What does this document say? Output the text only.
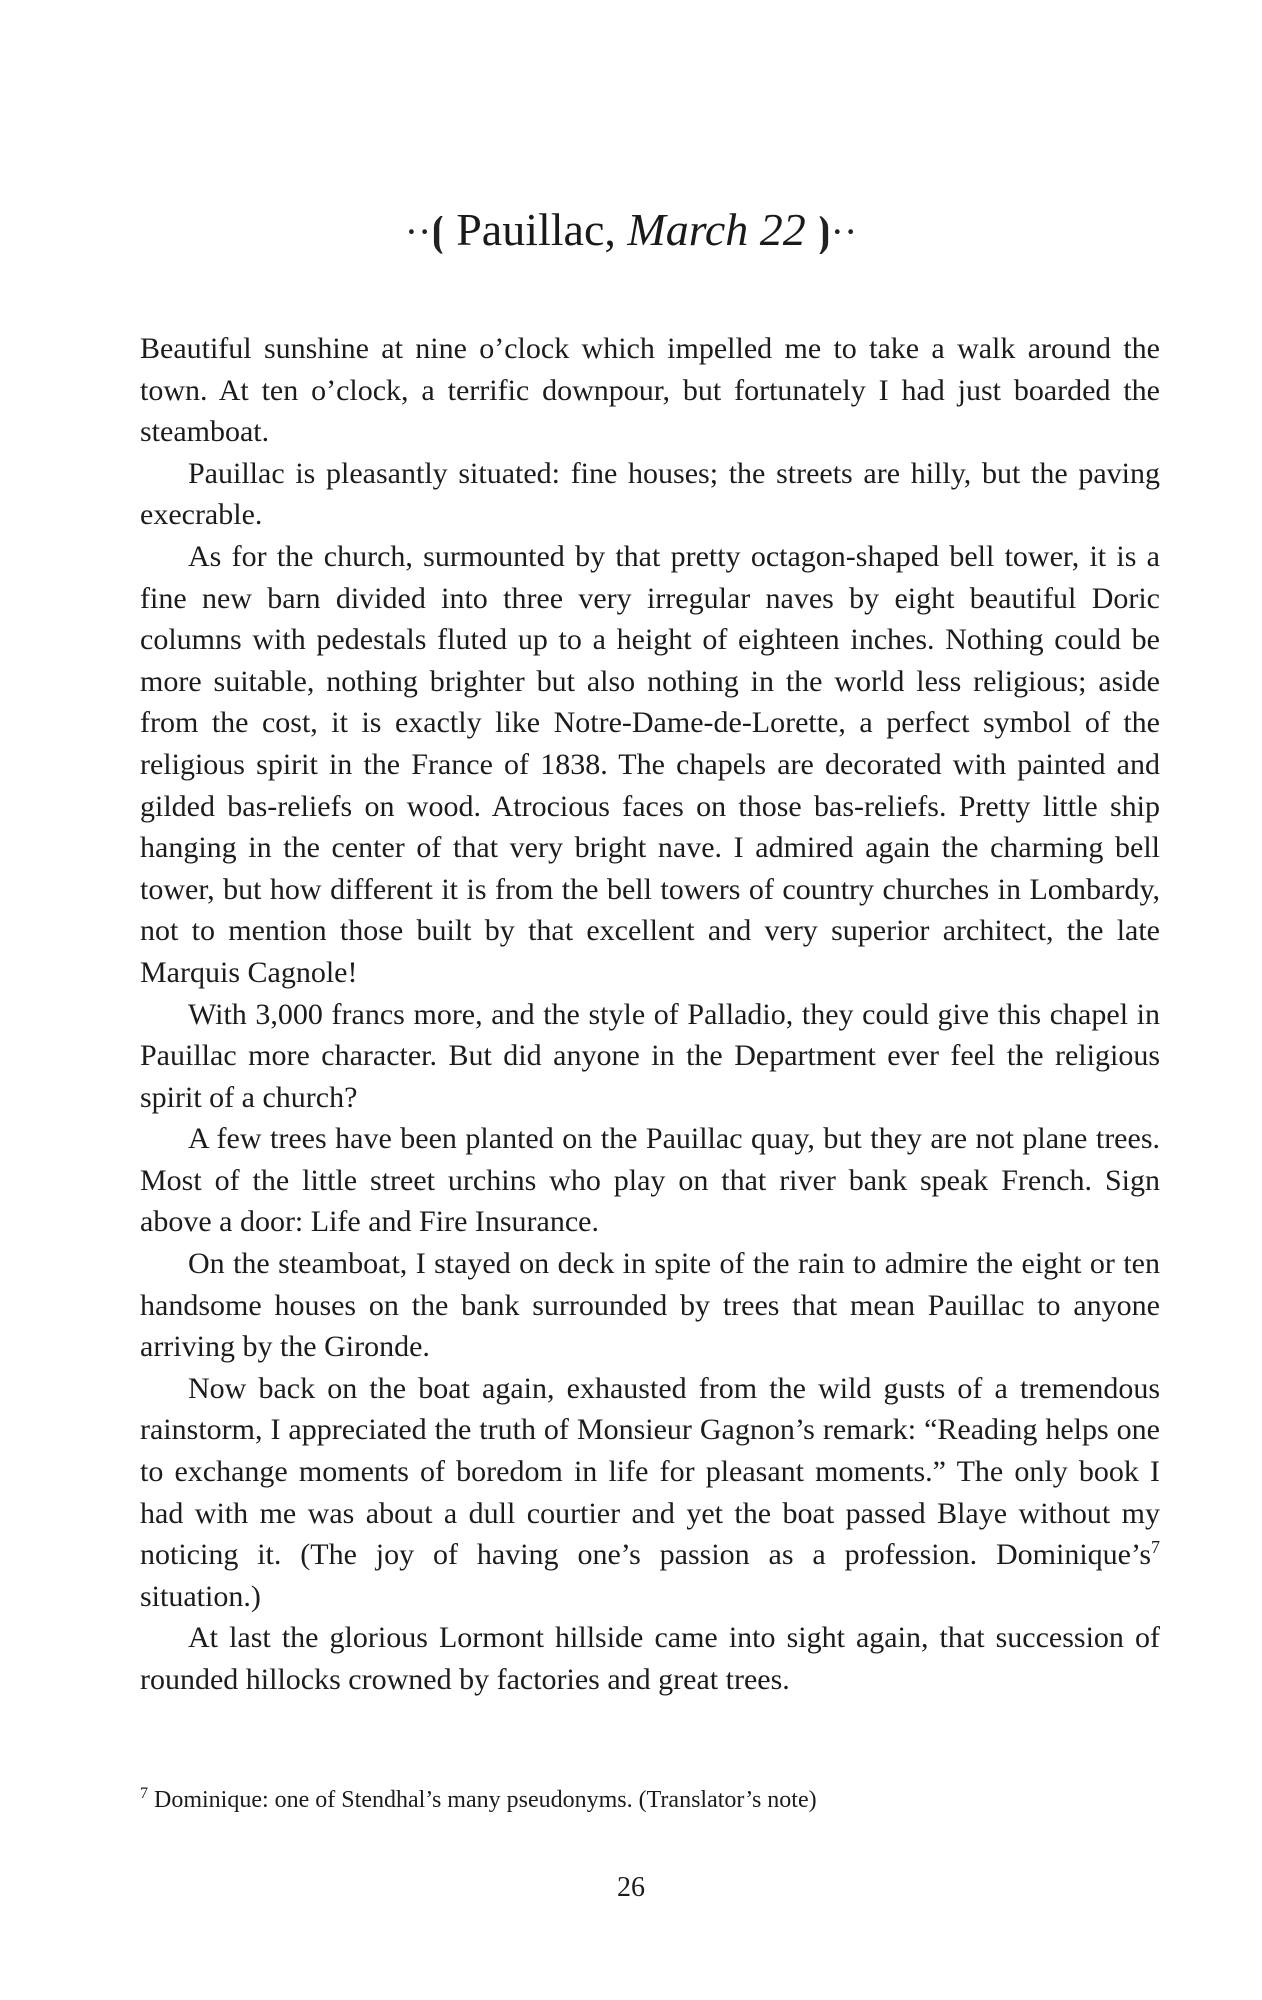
··⦗ Pauillac, March 22 ⦘··

Beautiful sunshine at nine o’clock which impelled me to take a walk around the town. At ten o’clock, a terrific downpour, but fortunately I had just boarded the steamboat.

Pauillac is pleasantly situated: fine houses; the streets are hilly, but the paving execrable.

As for the church, surmounted by that pretty octagon-shaped bell tower, it is a fine new barn divided into three very irregular naves by eight beautiful Doric columns with pedestals fluted up to a height of eighteen inches. Nothing could be more suitable, nothing brighter but also nothing in the world less religious; aside from the cost, it is exactly like Notre-Dame-de-Lorette, a perfect symbol of the religious spirit in the France of 1838. The chapels are decorated with painted and gilded bas-reliefs on wood. Atrocious faces on those bas-reliefs. Pretty little ship hanging in the center of that very bright nave. I admired again the charming bell tower, but how different it is from the bell towers of country churches in Lombardy, not to mention those built by that excellent and very superior architect, the late Marquis Cagnole!

With 3,000 francs more, and the style of Palladio, they could give this chapel in Pauillac more character. But did anyone in the Department ever feel the religious spirit of a church?

A few trees have been planted on the Pauillac quay, but they are not plane trees. Most of the little street urchins who play on that river bank speak French. Sign above a door: Life and Fire Insurance.

On the steamboat, I stayed on deck in spite of the rain to admire the eight or ten handsome houses on the bank surrounded by trees that mean Pauillac to anyone arriving by the Gironde.

Now back on the boat again, exhausted from the wild gusts of a tremendous rainstorm, I appreciated the truth of Monsieur Gagnon’s remark: “Reading helps one to exchange moments of boredom in life for pleasant moments.” The only book I had with me was about a dull courtier and yet the boat passed Blaye without my noticing it. (The joy of having one’s passion as a profession. $Dominique’s^7$ situation.)

At last the glorious Lormont hillside came into sight again, that succession of rounded hillocks crowned by factories and great trees.

$^7$ Dominique: one of Stendhal’s many pseudonyms. (Translator’s note)
26
